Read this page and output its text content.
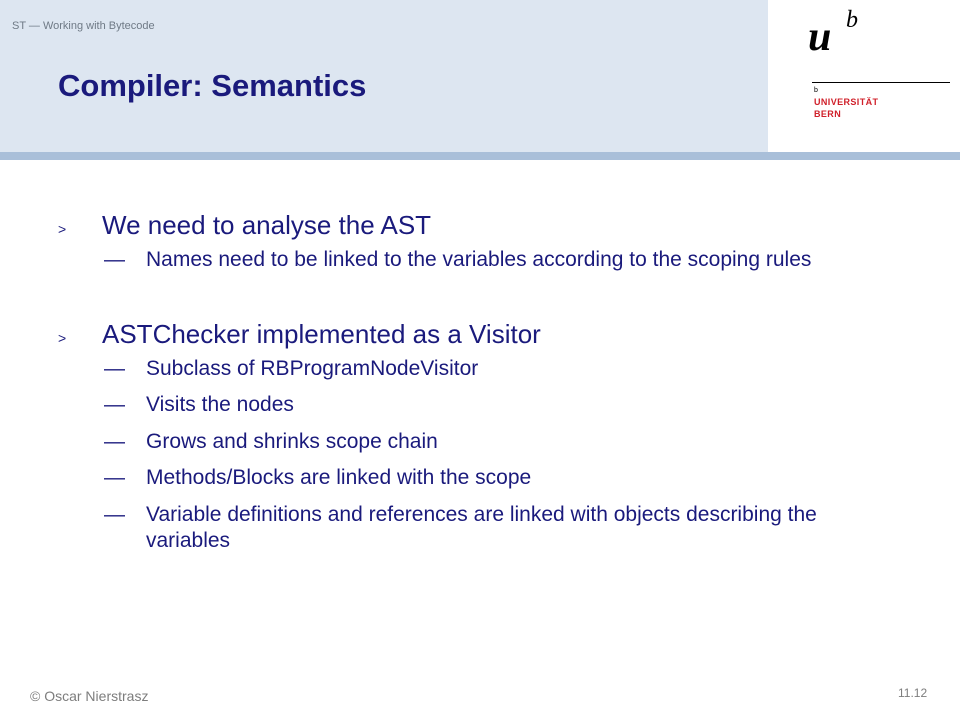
ST — Working with Bytecode
Compiler: Semantics
u b
b
UNIVERSITÄT
BERN
>	We need to analyse the AST
—	Names need to be linked to the variables according to the scoping rules
>	ASTChecker implemented as a Visitor
—	Subclass of RBProgramNodeVisitor
—	Visits the nodes
—	Grows and shrinks scope chain
—	Methods/Blocks are linked with the scope
—	Variable definitions and references are linked with objects describing the variables
© Oscar Nierstrasz	11.12
